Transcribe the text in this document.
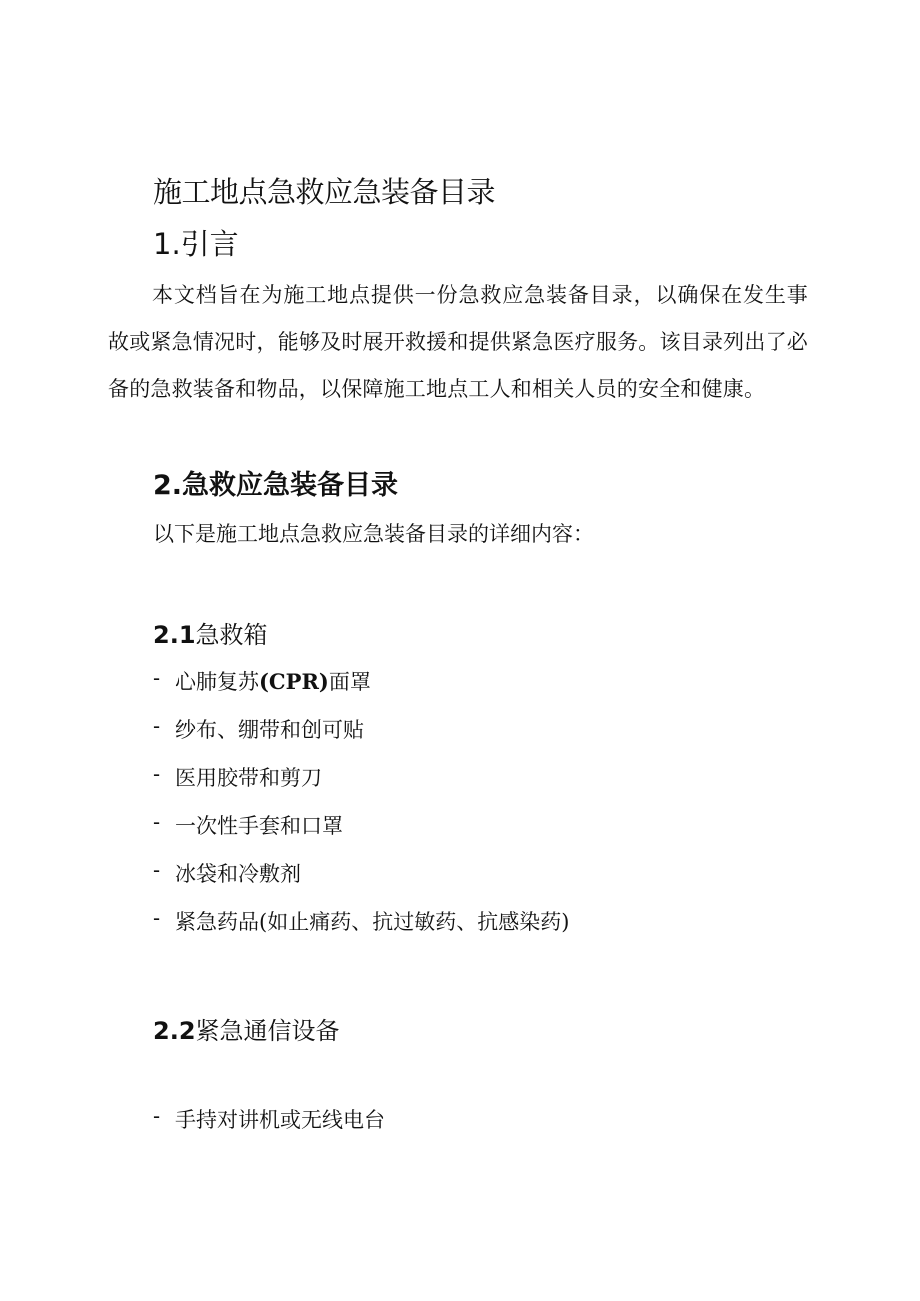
施工地点急救应急装备目录
1.引言
本文档旨在为施工地点提供一份急救应急装备目录，以确保在发生事故或紧急情况时，能够及时展开救援和提供紧急医疗服务。该目录列出了必备的急救装备和物品，以保障施工地点工人和相关人员的安全和健康。
2.急救应急装备目录
以下是施工地点急救应急装备目录的详细内容：
2.1急救箱
- 心肺复苏(CPR)面罩
- 纱布、绷带和创可贴
- 医用胶带和剪刀
- 一次性手套和口罩
- 冰袋和冷敷剂
- 紧急药品(如止痛药、抗过敏药、抗感染药)
2.2紧急通信设备
- 手持对讲机或无线电台
